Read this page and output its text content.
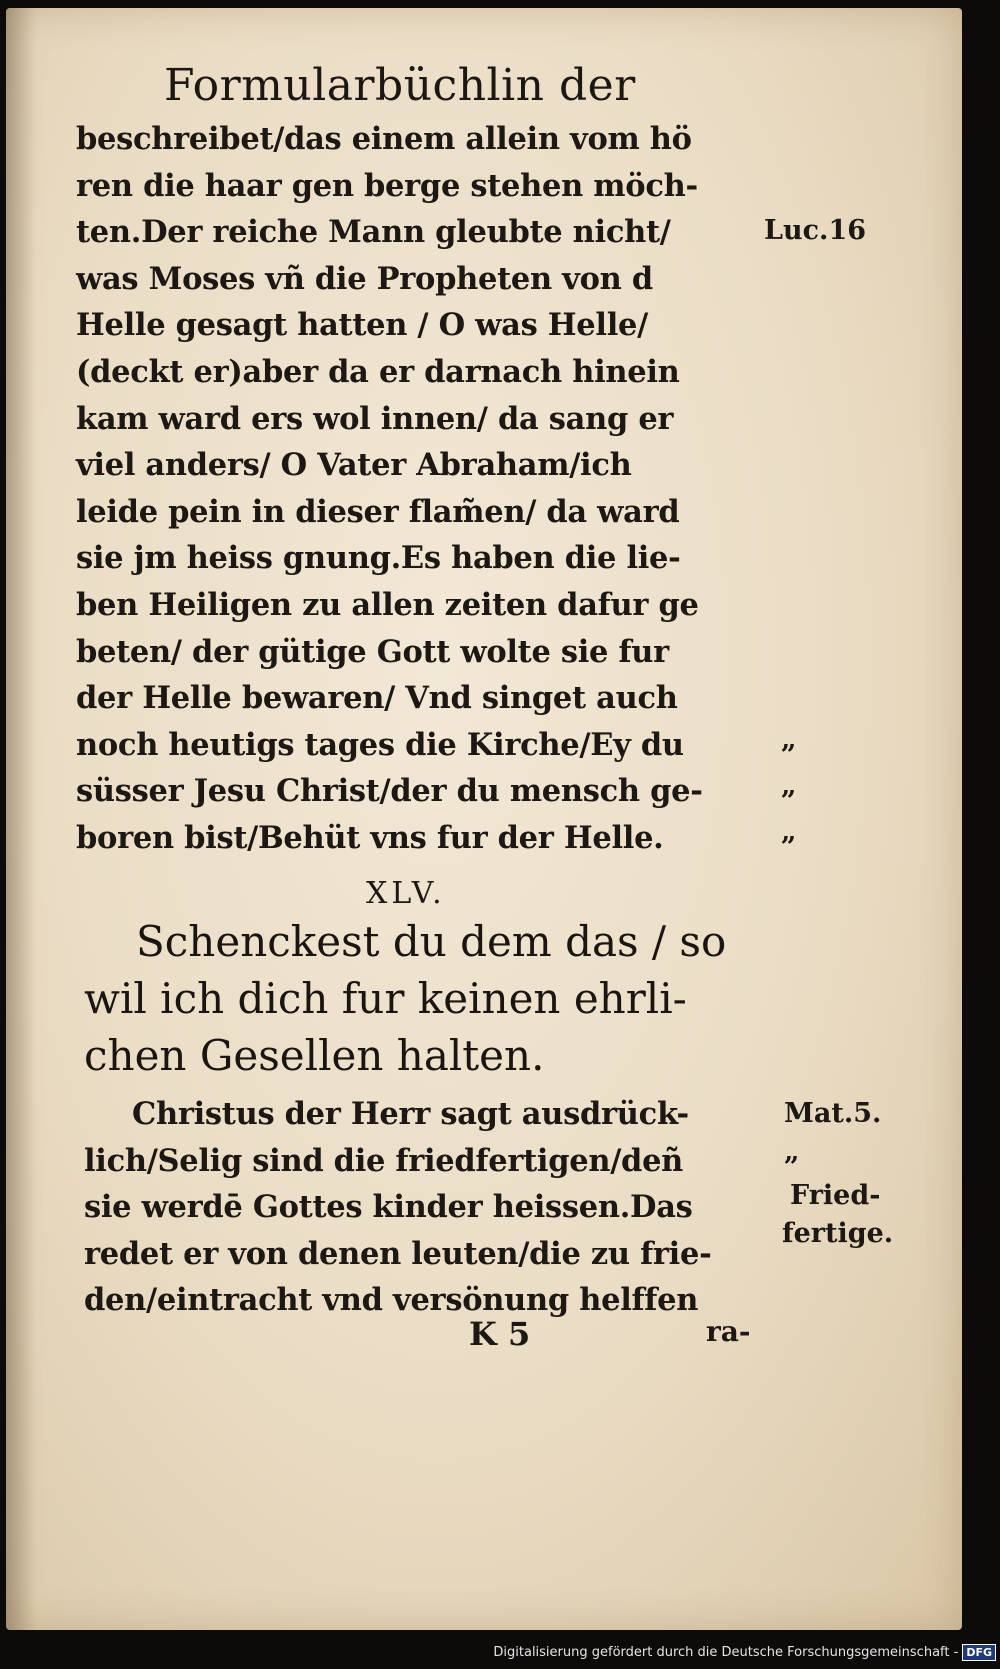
Formularbüchlin der
beschreibet/das einem allein vom hö
ren die haar gen berge stehen möch-
ten.Der reiche Mann gleubte nicht/
was Moses vñ die Propheten von d
Helle gesagt hatten / O was Helle/
(deckt er)aber da er darnach hinein
kam ward ers wol innen/ da sang er
viel anders/ O Vater Abraham/ich
leide pein in dieser flam̃en/ da ward
sie jm heiss gnung.Es haben die lie-
ben Heiligen zu allen zeiten dafur ge
beten/ der gütige Gott wolte sie fur
der Helle bewaren/ Vnd singet auch
noch heutigs tages die Kirche/Ey du
süsser Jesu Christ/der du mensch ge-
boren bist/Behüt vns fur der Helle.
Luc.16
„
„
„
XLV.
Schenckest du dem das / so
wil ich dich fur keinen ehrli-
chen Gesellen halten.
Christus der Herr sagt ausdrück-
lich/Selig sind die friedfertigen/deñ
sie werdē Gottes kinder heissen.Das
redet er von denen leuten/die zu frie-
den/eintracht vnd versönung helffen
Mat.5.
„
Fried-
fertige.
K 5	ra-
Digitalisierung gefördert durch die Deutsche Forschungsgemeinschaft - DFG
